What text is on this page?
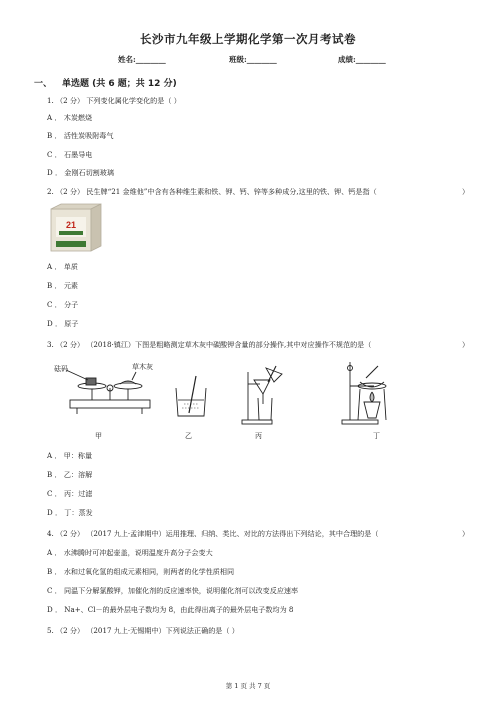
长沙市九年级上学期化学第一次月考试卷
姓名:________	班级:________	成绩:________
一、 单选题 (共 6 题；共 12 分)
1. （2 分） 下列变化属化学变化的是（ ）
A ． 木炭燃烧
B ． 活性炭吸附毒气
C ． 石墨导电
D ． 金刚石切割玻璃
2. （2 分） 民生牌“21 金维他”中含有各种维生素和铁、钾、钙、锌等多种成分,这里的铁、钾、钙是指（	）
21
A ． 单质
B ． 元素
C ． 分子
D ． 原子
3. （2 分） （2018·镇江）下图是粗略测定草木灰中碳酸钾含量的部分操作,其中对应操作不规范的是（	）
砝码	草木灰
甲	乙	丙	丁
A ． 甲：称量
B ． 乙：溶解
C ． 丙：过滤
D ． 丁：蒸发
4. （2 分） （2017 九上·孟津期中）运用推理、归纳、类比、对比的方法得出下列结论，其中合理的是（	）
A ． 水沸腾时可冲起壶盖，说明温度升高分子会变大
B ． 水和过氧化氢的组成元素相同，则两者的化学性质相同
C ． 同温下分解氯酸钾，加催化剂的反应速率快，说明催化剂可以改变反应速率
D ． Na+、Cl－的最外层电子数均为 8，由此得出离子的最外层电子数均为 8
5. （2 分） （2017 九上·无锡期中）下列说法正确的是（ ）
第 1 页 共 7 页
